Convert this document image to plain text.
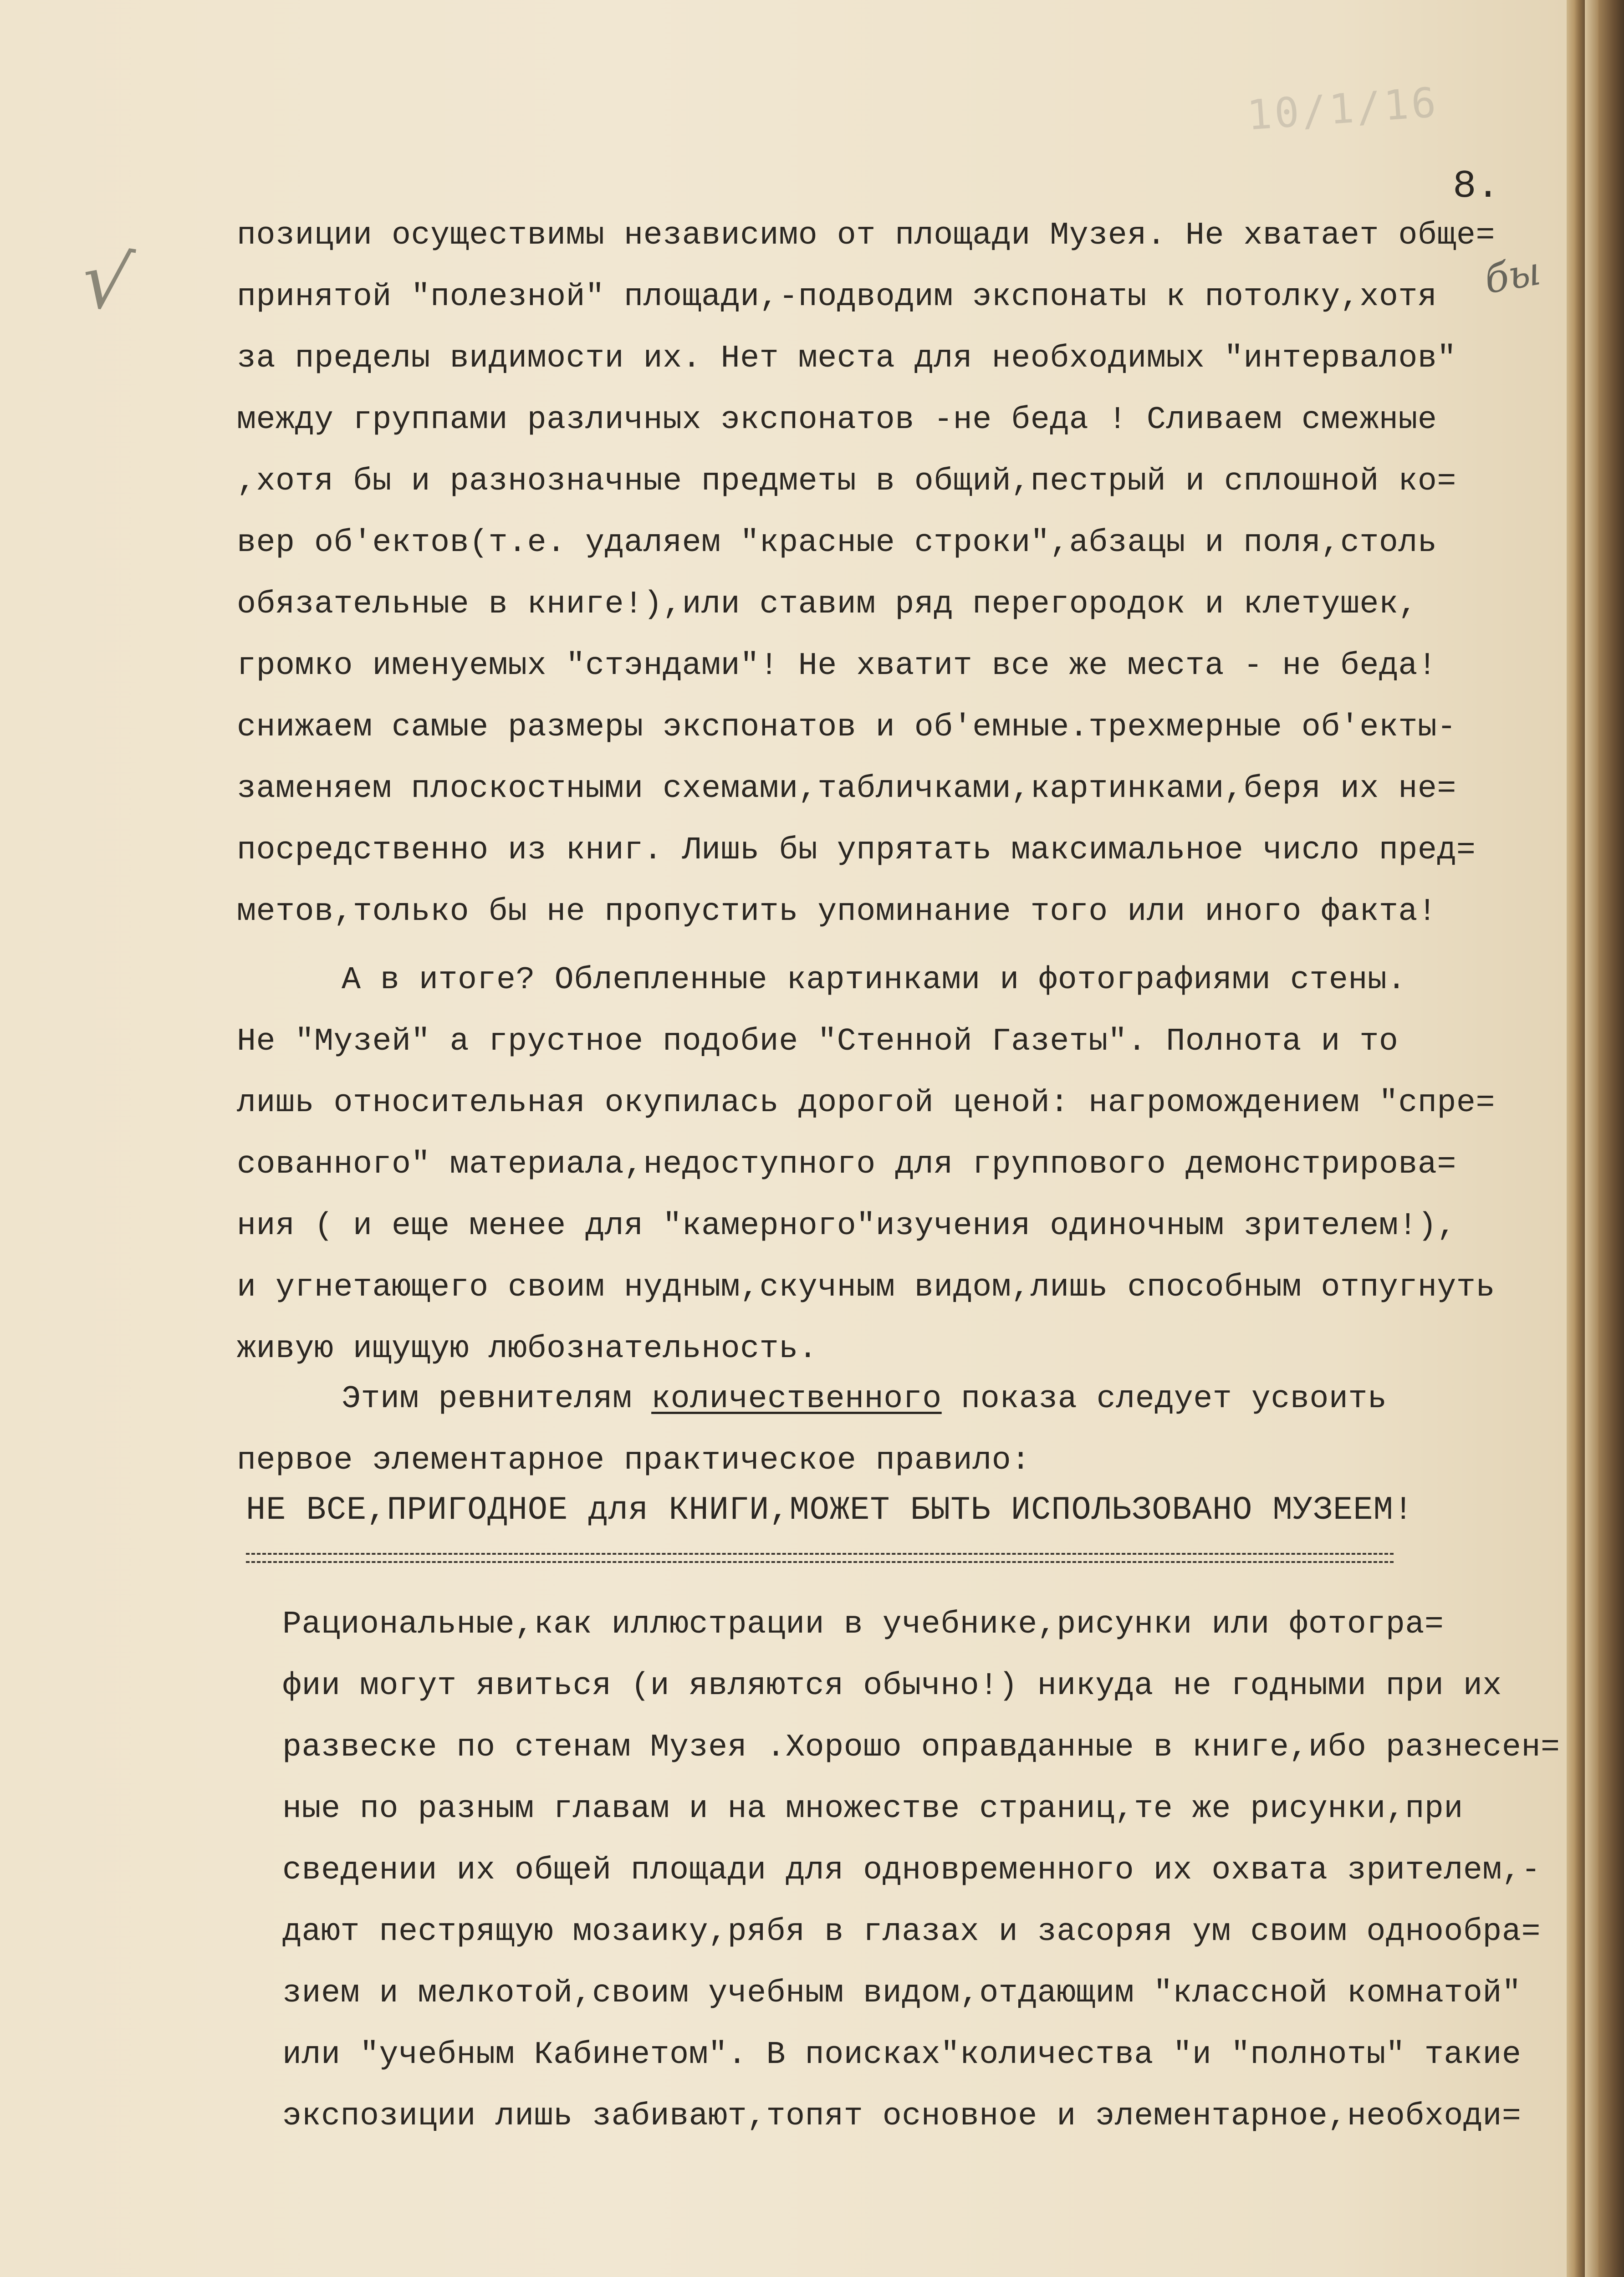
10/1/16
8.
√	бы
позиции осуществимы независимо от площади Музея. Не хватает обще=
принятой "полезной" площади,-подводим экспонаты к потолку,хотя
за пределы видимости их. Нет места для необходимых "интервалов"
между группами различных экспонатов -не беда ! Сливаем смежные
,хотя бы и разнозначные предметы в общий,пестрый и сплошной ко=
вер об'ектов(т.е. удаляем "красные строки",абзацы и поля,столь
обязательные в книге!),или ставим ряд перегородок и клетушек,
громко именуемых "стэндами"! Не хватит все же места - не беда!
снижаем самые размеры экспонатов и об'емные.трехмерные об'екты-
заменяем плоскостными схемами,табличками,картинками,беря их не=
посредственно из книг. Лишь бы упрятать максимальное число пред=
метов,только бы не пропустить упоминание того или иного факта!
А в итоге? Облепленные картинками и фотографиями стены.
Не "Музей" а грустное подобие "Стенной Газеты". Полнота и то
лишь относительная окупилась дорогой ценой: нагромождением "спре=
сованного" материала,недоступного для группового демонстрирова=
ния ( и еще менее для "камерного"изучения одиночным зрителем!),
и угнетающего своим нудным,скучным видом,лишь способным отпугнуть
живую ищущую любознательность.
Этим ревнителям количественного показа следует усвоить
первое элементарное практическое правило:
НЕ ВСЕ,ПРИГОДНОЕ для КНИГИ,МОЖЕТ БЫТЬ ИСПОЛЬЗОВАНО МУЗЕЕМ!
Рациональные,как иллюстрации в учебнике,рисунки или фотогра=
фии могут явиться (и являются обычно!) никуда не годными при их
развеске по стенам Музея .Хорошо оправданные в книге,ибо разнесен=
ные по разным главам и на множестве страниц,те же рисунки,при
сведении их общей площади для одновременного их охвата зрителем,-
дают пестрящую мозаику,рябя в глазах и засоряя ум своим однообра=
зием и мелкотой,своим учебным видом,отдающим "классной комнатой"
или "учебным Кабинетом". В поисках"количества "и "полноты" такие
экспозиции лишь забивают,топят основное и элементарное,необходи=
